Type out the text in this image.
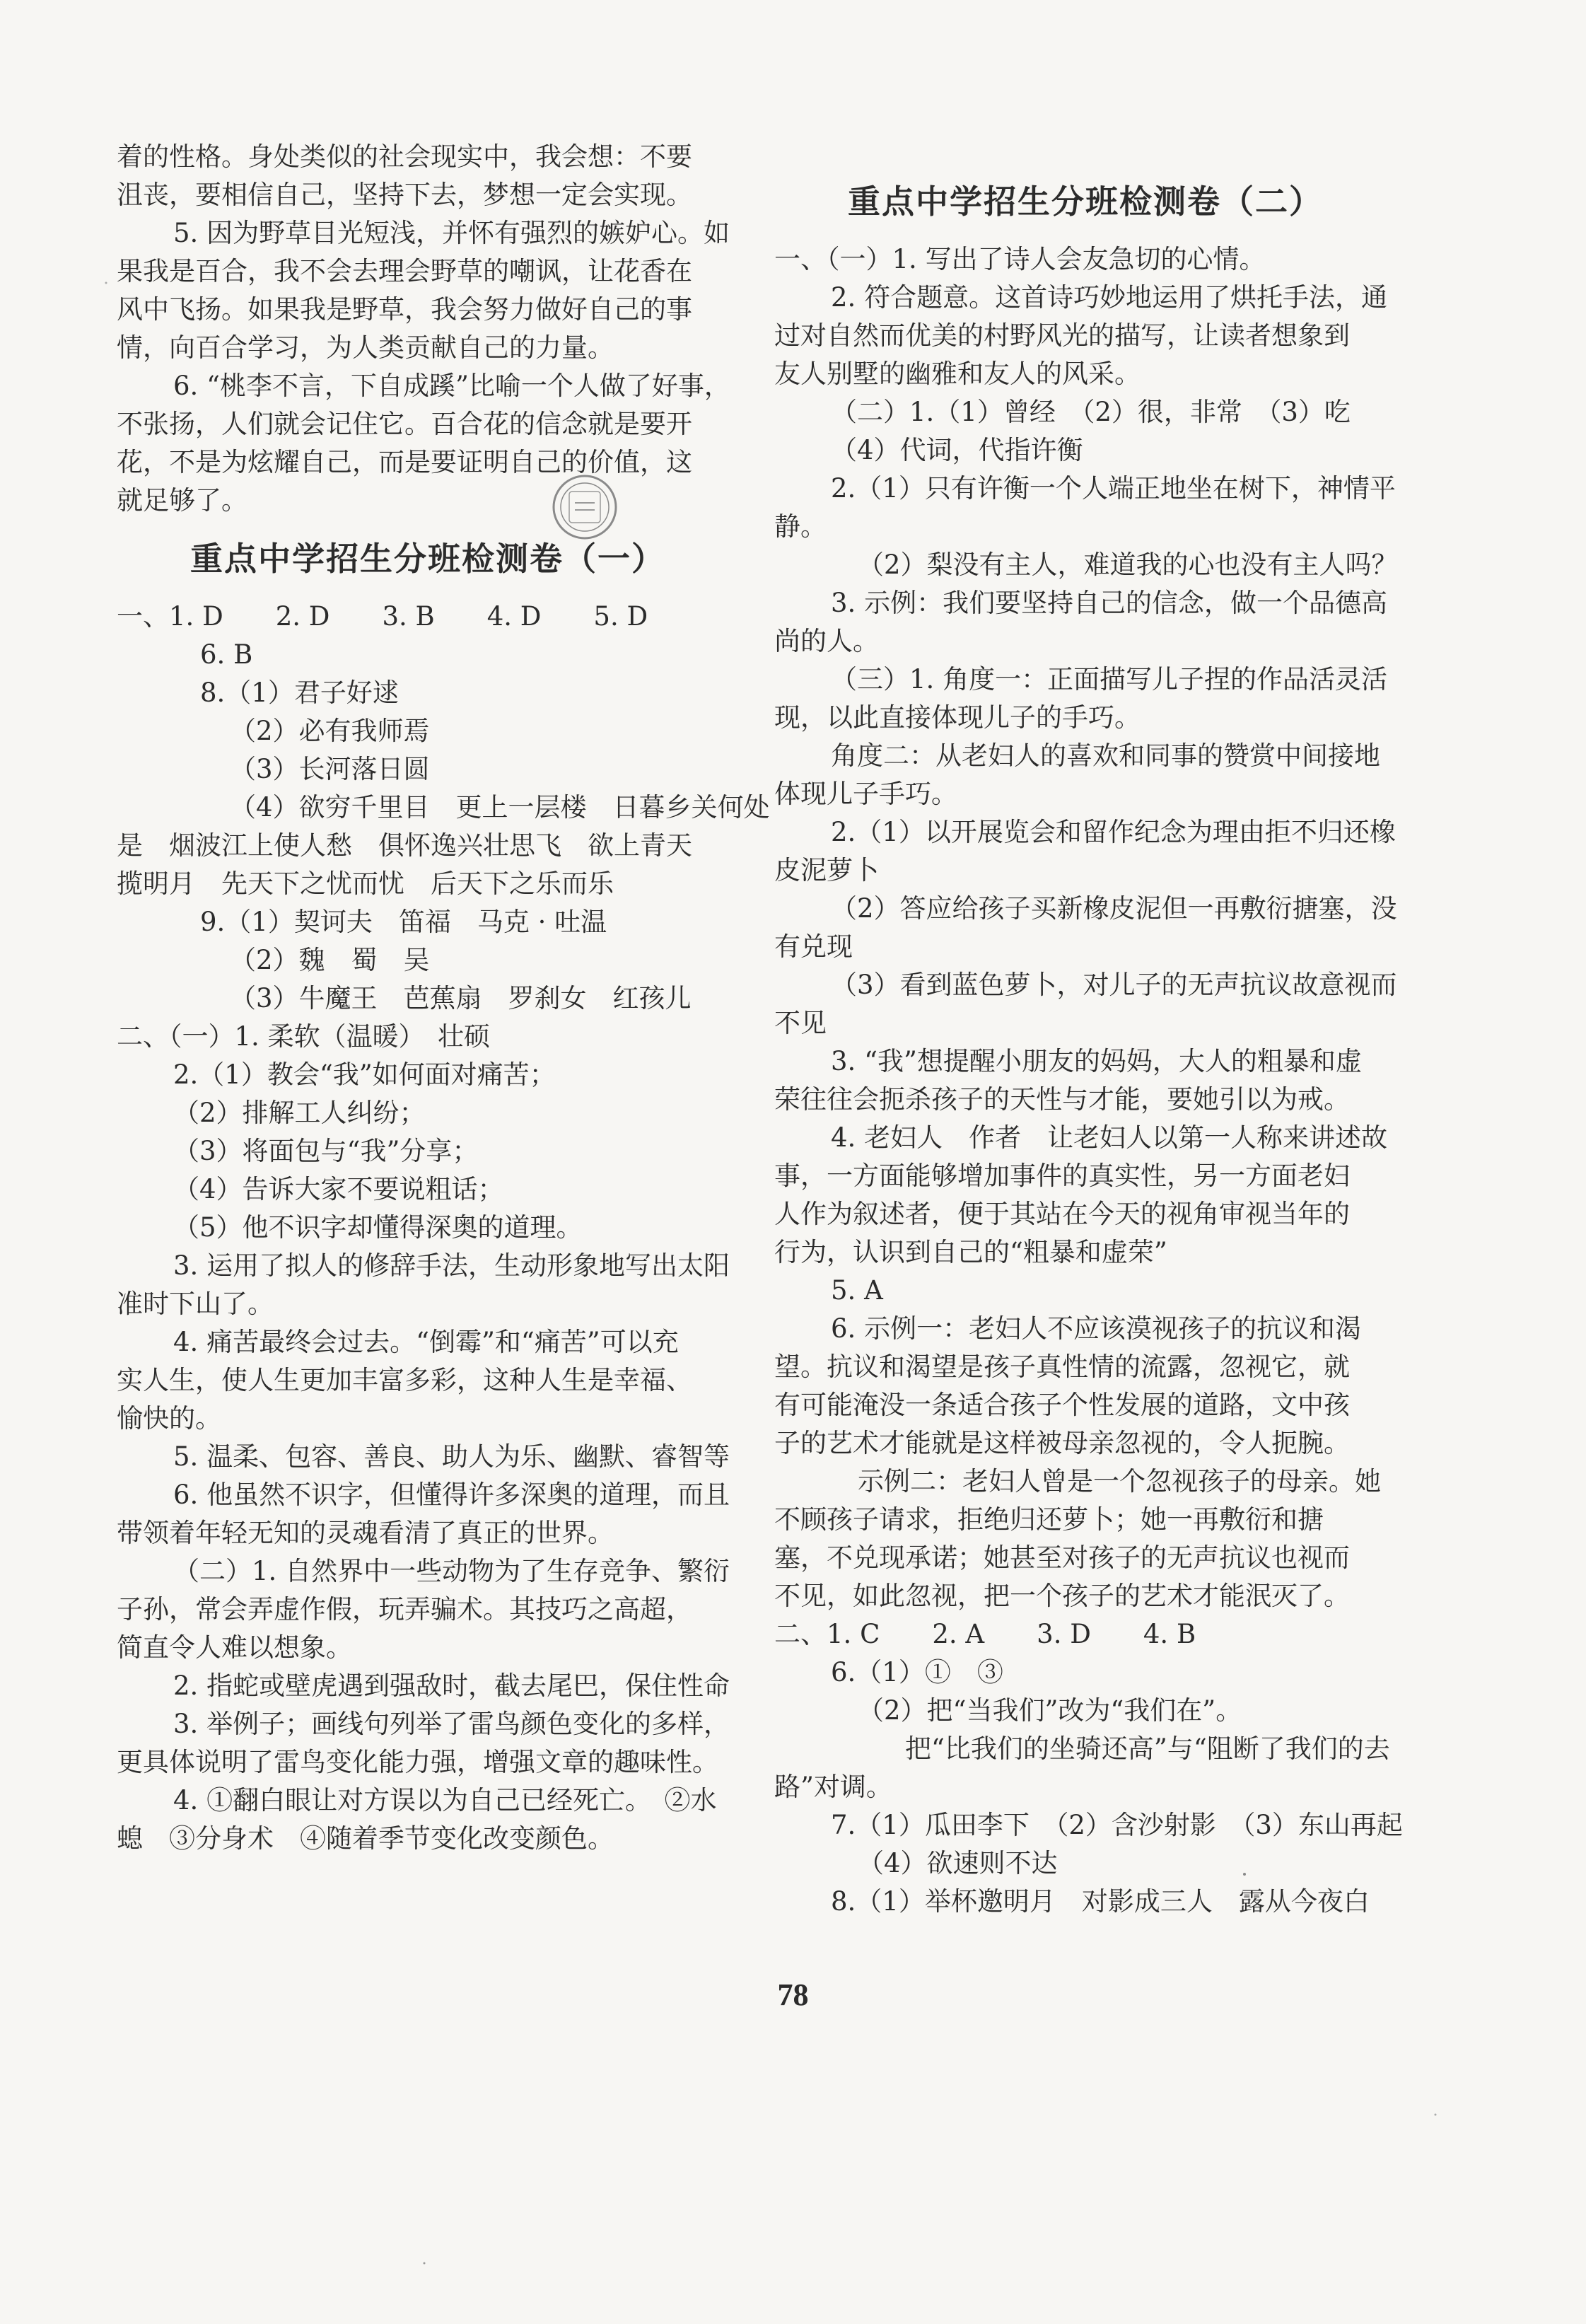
着的性格。身处类似的社会现实中，我会想：不要
沮丧，要相信自己，坚持下去，梦想一定会实现。
5. 因为野草目光短浅，并怀有强烈的嫉妒心。如
果我是百合，我不会去理会野草的嘲讽，让花香在
风中飞扬。如果我是野草，我会努力做好自己的事
情，向百合学习，为人类贡献自己的力量。
6. “桃李不言，下自成蹊”比喻一个人做了好事，
不张扬，人们就会记住它。百合花的信念就是要开
花，不是为炫耀自己，而是要证明自己的价值，这
就足够了。
重点中学招生分班检测卷（一）
一、1. D　　2. D　　3. B　　4. D　　5. D
6. B
8.（1）君子好逑
（2）必有我师焉
（3）长河落日圆
（4）欲穷千里目　更上一层楼　日暮乡关何处
是　烟波江上使人愁　俱怀逸兴壮思飞　欲上青天
揽明月　先天下之忧而忧　后天下之乐而乐
9.（1）契诃夫　笛福　马克 · 吐温
（2）魏　蜀　吴
（3）牛魔王　芭蕉扇　罗刹女　红孩儿
二、（一）1. 柔软（温暖）　壮硕
2.（1）教会“我”如何面对痛苦；
（2）排解工人纠纷；
（3）将面包与“我”分享；
（4）告诉大家不要说粗话；
（5）他不识字却懂得深奥的道理。
3. 运用了拟人的修辞手法，生动形象地写出太阳
准时下山了。
4. 痛苦最终会过去。“倒霉”和“痛苦”可以充
实人生，使人生更加丰富多彩，这种人生是幸福、
愉快的。
5. 温柔、包容、善良、助人为乐、幽默、睿智等
6. 他虽然不识字，但懂得许多深奥的道理，而且
带领着年轻无知的灵魂看清了真正的世界。
（二）1. 自然界中一些动物为了生存竞争、繁衍
子孙，常会弄虚作假，玩弄骗术。其技巧之高超，
简直令人难以想象。
2. 指蛇或壁虎遇到强敌时，截去尾巴，保住性命
3. 举例子；画线句列举了雷鸟颜色变化的多样，
更具体说明了雷鸟变化能力强，增强文章的趣味性。
4. ①翻白眼让对方误以为自己已经死亡。　②水
螅　③分身术　④随着季节变化改变颜色。
重点中学招生分班检测卷（二）
一、（一）1. 写出了诗人会友急切的心情。
2. 符合题意。这首诗巧妙地运用了烘托手法，通
过对自然而优美的村野风光的描写，让读者想象到
友人别墅的幽雅和友人的风采。
（二）1.（1）曾经　（2）很，非常　（3）吃
（4）代词，代指许衡
2.（1）只有许衡一个人端正地坐在树下，神情平
静。
（2）梨没有主人，难道我的心也没有主人吗？
3. 示例：我们要坚持自己的信念，做一个品德高
尚的人。
（三）1. 角度一：正面描写儿子捏的作品活灵活
现，以此直接体现儿子的手巧。
角度二：从老妇人的喜欢和同事的赞赏中间接地
体现儿子手巧。
2.（1）以开展览会和留作纪念为理由拒不归还橡
皮泥萝卜
（2）答应给孩子买新橡皮泥但一再敷衍搪塞，没
有兑现
（3）看到蓝色萝卜，对儿子的无声抗议故意视而
不见
3. “我”想提醒小朋友的妈妈，大人的粗暴和虚
荣往往会扼杀孩子的天性与才能，要她引以为戒。
4. 老妇人　作者　让老妇人以第一人称来讲述故
事，一方面能够增加事件的真实性，另一方面老妇
人作为叙述者，便于其站在今天的视角审视当年的
行为，认识到自己的“粗暴和虚荣”
5. A
6. 示例一：老妇人不应该漠视孩子的抗议和渴
望。抗议和渴望是孩子真性情的流露，忽视它，就
有可能淹没一条适合孩子个性发展的道路，文中孩
子的艺术才能就是这样被母亲忽视的，令人扼腕。
示例二：老妇人曾是一个忽视孩子的母亲。她
不顾孩子请求，拒绝归还萝卜；她一再敷衍和搪
塞，不兑现承诺；她甚至对孩子的无声抗议也视而
不见，如此忽视，把一个孩子的艺术才能泯灭了。
二、1. C　　2. A　　3. D　　4. B
6.（1）①　③
（2）把“当我们”改为“我们在”。
把“比我们的坐骑还高”与“阻断了我们的去
路”对调。
7.（1）瓜田李下　（2）含沙射影　（3）东山再起
（4）欲速则不达
8.（1）举杯邀明月　对影成三人　露从今夜白
78
